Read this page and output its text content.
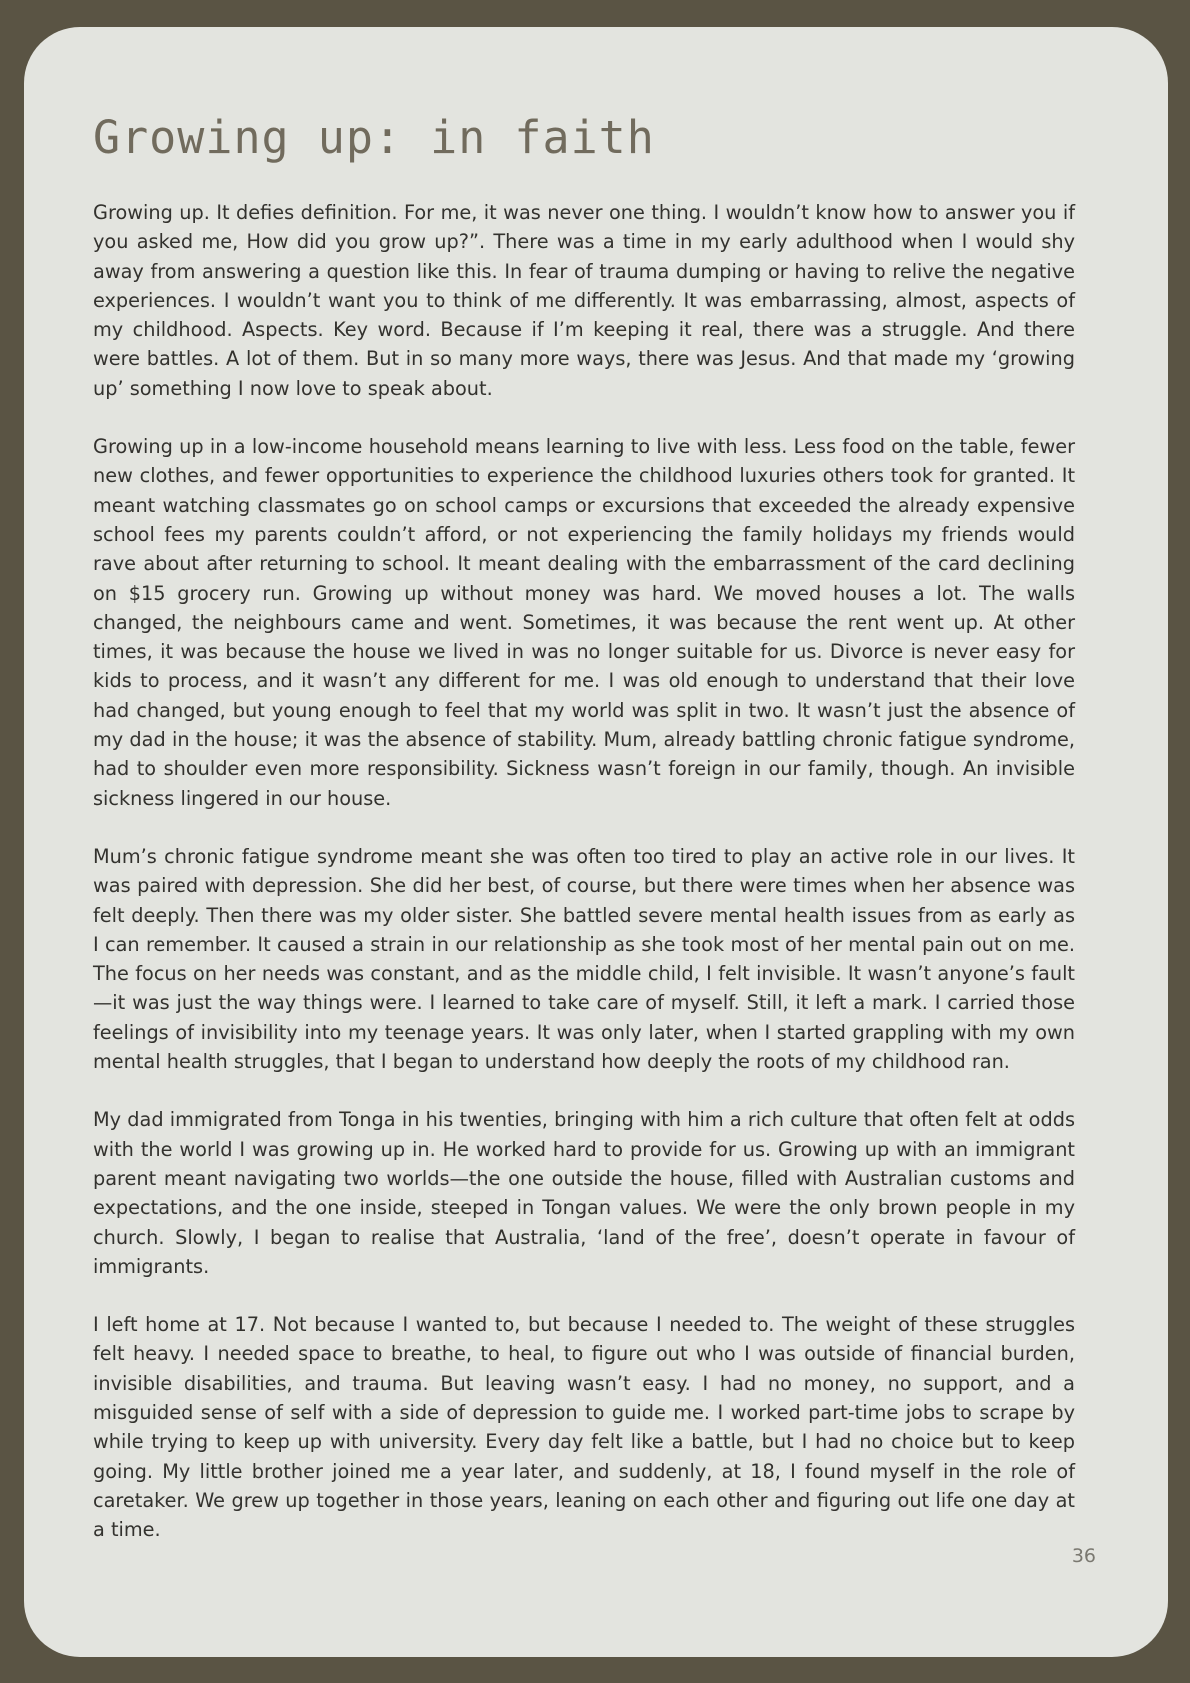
Growing up: in faith

Growing up. It defies definition. For me, it was never one thing. I wouldn’t know how to answer you if you asked me, How did you grow up?”. There was a time in my early adulthood when I would shy away from answering a question like this. In fear of trauma dumping or having to relive the negative experiences. I wouldn’t want you to think of me differently. It was embarrassing, almost, aspects of my childhood. Aspects. Key word. Because if I’m keeping it real, there was a struggle. And there were battles. A lot of them. But in so many more ways, there was Jesus. And that made my ‘growing up’ something I now love to speak about.

Growing up in a low-income household means learning to live with less. Less food on the table, fewer new clothes, and fewer opportunities to experience the childhood luxuries others took for granted. It meant watching classmates go on school camps or excursions that exceeded the already expensive school fees my parents couldn’t afford, or not experiencing the family holidays my friends would rave about after returning to school. It meant dealing with the embarrassment of the card declining on $15 grocery run. Growing up without money was hard. We moved houses a lot. The walls changed, the neighbours came and went. Sometimes, it was because the rent went up. At other times, it was because the house we lived in was no longer suitable for us. Divorce is never easy for kids to process, and it wasn’t any different for me. I was old enough to understand that their love had changed, but young enough to feel that my world was split in two. It wasn’t just the absence of my dad in the house; it was the absence of stability. Mum, already battling chronic fatigue syndrome, had to shoulder even more responsibility. Sickness wasn’t foreign in our family, though. An invisible sickness lingered in our house.

Mum’s chronic fatigue syndrome meant she was often too tired to play an active role in our lives. It was paired with depression. She did her best, of course, but there were times when her absence was felt deeply. Then there was my older sister. She battled severe mental health issues from as early as I can remember. It caused a strain in our relationship as she took most of her mental pain out on me. The focus on her needs was constant, and as the middle child, I felt invisible. It wasn’t anyone’s fault—it was just the way things were. I learned to take care of myself. Still, it left a mark. I carried those feelings of invisibility into my teenage years. It was only later, when I started grappling with my own mental health struggles, that I began to understand how deeply the roots of my childhood ran.

My dad immigrated from Tonga in his twenties, bringing with him a rich culture that often felt at odds with the world I was growing up in. He worked hard to provide for us. Growing up with an immigrant parent meant navigating two worlds—the one outside the house, filled with Australian customs and expectations, and the one inside, steeped in Tongan values. We were the only brown people in my church. Slowly, I began to realise that Australia, ‘land of the free’, doesn’t operate in favour of immigrants.

I left home at 17. Not because I wanted to, but because I needed to. The weight of these struggles felt heavy. I needed space to breathe, to heal, to figure out who I was outside of financial burden, invisible disabilities, and trauma. But leaving wasn’t easy. I had no money, no support, and a misguided sense of self with a side of depression to guide me. I worked part-time jobs to scrape by while trying to keep up with university. Every day felt like a battle, but I had no choice but to keep going. My little brother joined me a year later, and suddenly, at 18, I found myself in the role of caretaker. We grew up together in those years, leaning on each other and figuring out life one day at a time.

36
